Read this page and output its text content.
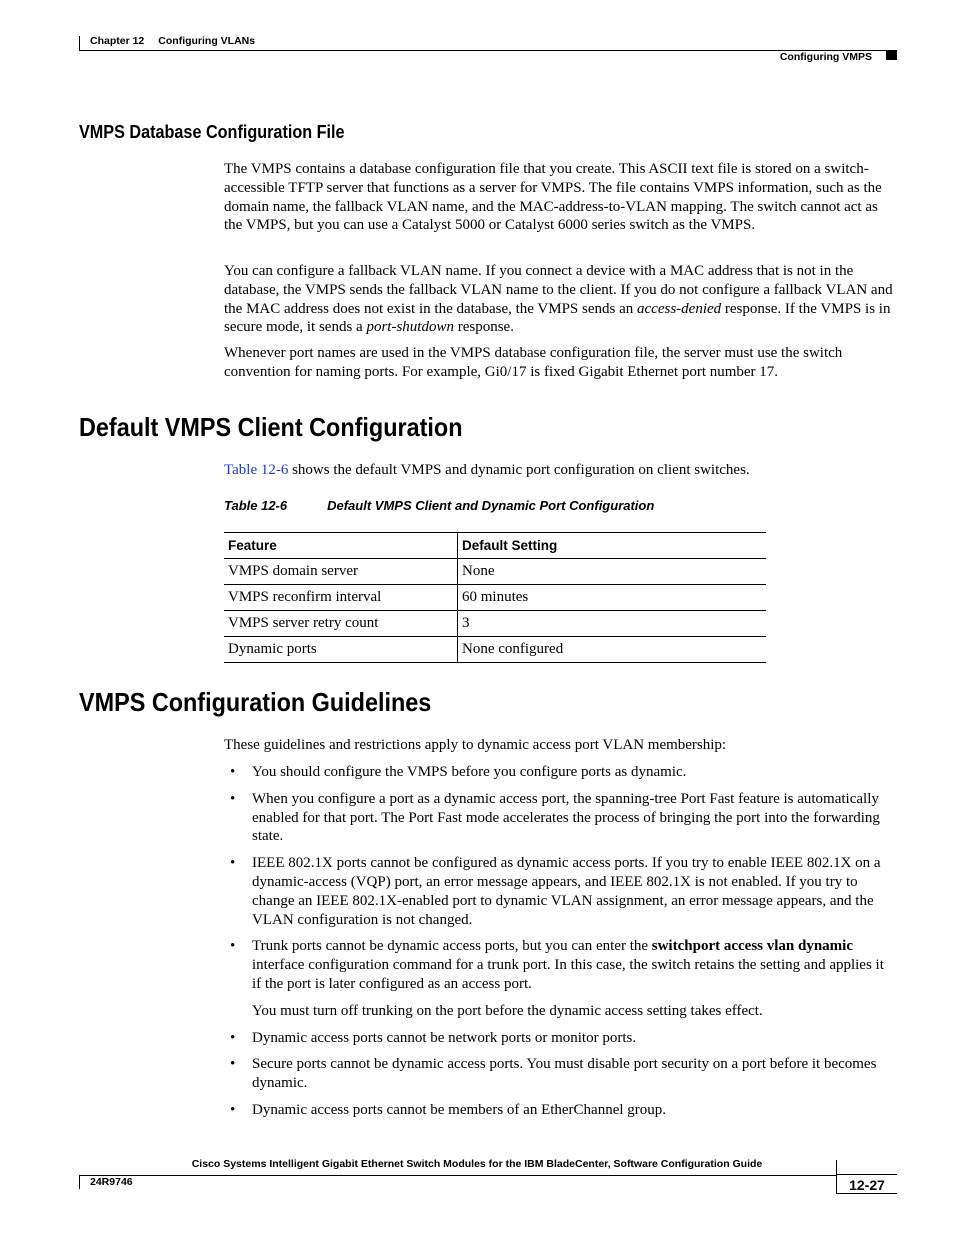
Chapter 12 Configuring VLANs
Configuring VMPS
VMPS Database Configuration File

The VMPS contains a database configuration file that you create. This ASCII text file is stored on a switch-accessible TFTP server that functions as a server for VMPS. The file contains VMPS information, such as the domain name, the fallback VLAN name, and the MAC-address-to-VLAN mapping. The switch cannot act as the VMPS, but you can use a Catalyst 5000 or Catalyst 6000 series switch as the VMPS.

You can configure a fallback VLAN name. If you connect a device with a MAC address that is not in the database, the VMPS sends the fallback VLAN name to the client. If you do not configure a fallback VLAN and the MAC address does not exist in the database, the VMPS sends an access-denied response. If the VMPS is in secure mode, it sends a port-shutdown response.

Whenever port names are used in the VMPS database configuration file, the server must use the switch convention for naming ports. For example, Gi0/17 is fixed Gigabit Ethernet port number 17.

Default VMPS Client Configuration

Table 12-6 shows the default VMPS and dynamic port configuration on client switches.

Table 12-6	Default VMPS Client and Dynamic Port Configuration
Feature	Default Setting
VMPS domain server	None
VMPS reconfirm interval	60 minutes
VMPS server retry count	3
Dynamic ports	None configured
VMPS Configuration Guidelines

These guidelines and restrictions apply to dynamic access port VLAN membership:

• You should configure the VMPS before you configure ports as dynamic.

• When you configure a port as a dynamic access port, the spanning-tree Port Fast feature is automatically enabled for that port. The Port Fast mode accelerates the process of bringing the port into the forwarding state.

• IEEE 802.1X ports cannot be configured as dynamic access ports. If you try to enable IEEE 802.1X on a dynamic-access (VQP) port, an error message appears, and IEEE 802.1X is not enabled. If you try to change an IEEE 802.1X-enabled port to dynamic VLAN assignment, an error message appears, and the VLAN configuration is not changed.

• Trunk ports cannot be dynamic access ports, but you can enter the switchport access vlan dynamic interface configuration command for a trunk port. In this case, the switch retains the setting and applies it if the port is later configured as an access port.

You must turn off trunking on the port before the dynamic access setting takes effect.

• Dynamic access ports cannot be network ports or monitor ports.

• Secure ports cannot be dynamic access ports. You must disable port security on a port before it becomes dynamic.

• Dynamic access ports cannot be members of an EtherChannel group.

Cisco Systems Intelligent Gigabit Ethernet Switch Modules for the IBM BladeCenter, Software Configuration Guide
24R9746	12-27
